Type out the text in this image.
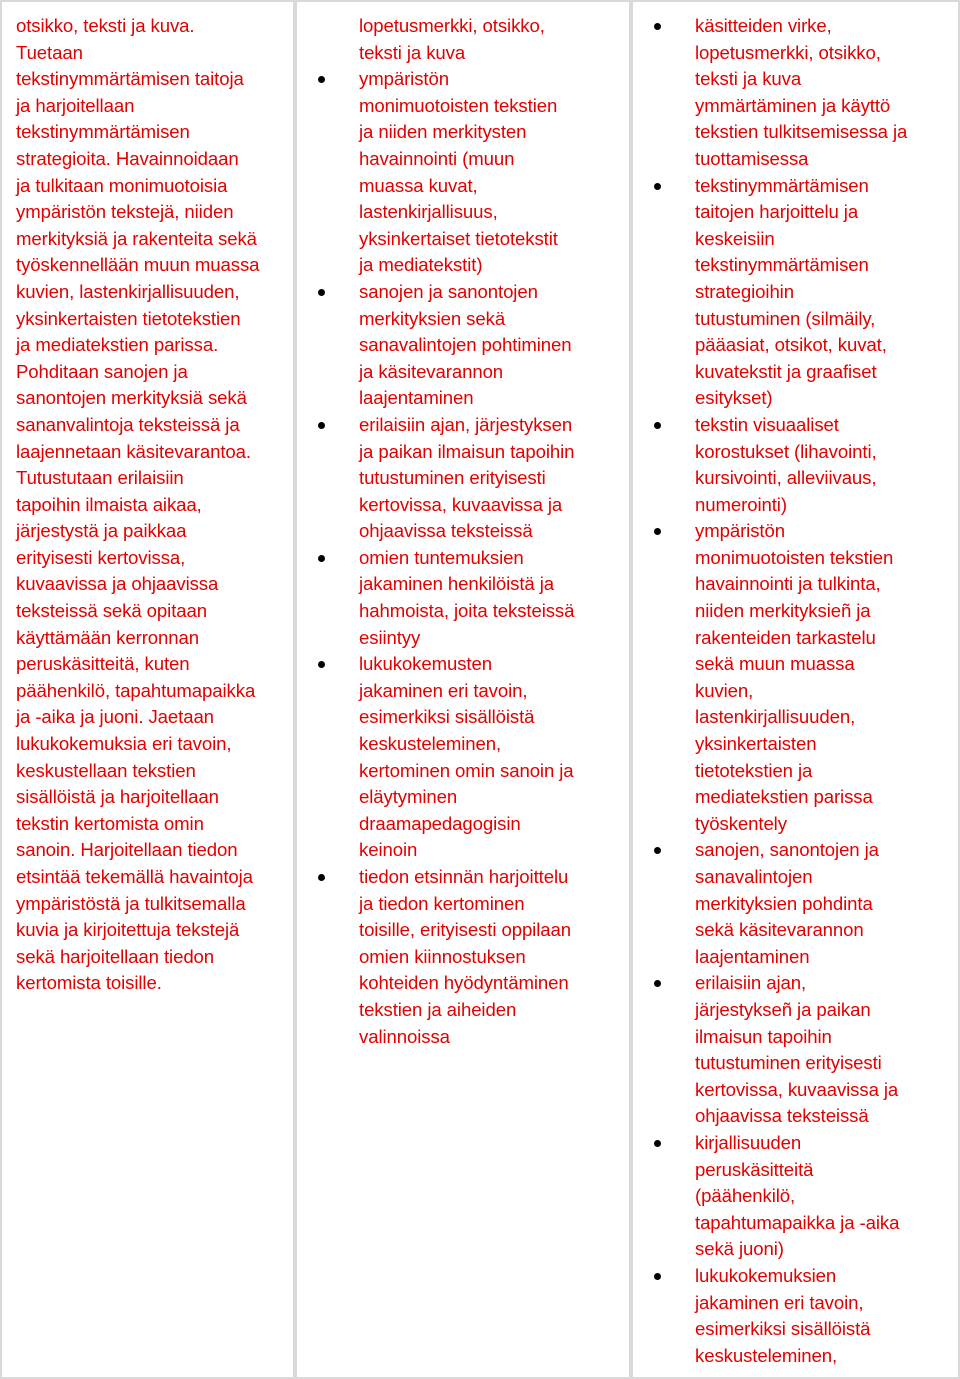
otsikko, teksti ja kuva.
Tuetaan
tekstinymmärtämisen taitoja
ja harjoitellaan
tekstinymmärtämisen
strategioita. Havainnoidaan
ja tulkitaan monimuotoisia
ympäristön tekstejä, niiden
merkityksiä ja rakenteita sekä
työskennellään muun muassa
kuvien, lastenkirjallisuuden,
yksinkertaisten tietotekstien
ja mediatekstien parissa.
Pohditaan sanojen ja
sanontojen merkityksiä sekä
sananvalintoja teksteissä ja
laajennetaan käsitevarantoa.
Tutustutaan erilaisiin
tapoihin ilmaista aikaa,
järjestystä ja paikkaa
erityisesti kertovissa,
kuvaavissa ja ohjaavissa
teksteissä sekä opitaan
käyttämään kerronnan
peruskäsitteitä, kuten
päähenkilö, tapahtumapaikka
ja -aika ja juoni. Jaetaan
lukukokemuksia eri tavoin,
keskustellaan tekstien
sisällöistä ja harjoitellaan
tekstin kertomista omin
sanoin. Harjoitellaan tiedon
etsintää tekemällä havaintoja
ympäristöstä ja tulkitsemalla
kuvia ja kirjoitettuja tekstejä
sekä harjoitellaan tiedon
kertomista toisille.

lopetusmerkki, otsikko,
teksti ja kuva

ympäristön
monimuotoisten tekstien
ja niiden merkitysten
havainnointi (muun
muassa kuvat,
lastenkirjallisuus,
yksinkertaiset tietotekstit
ja mediatekstit)
sanojen ja sanontojen
merkityksien sekä
sanavalintojen pohtiminen
ja käsitevarannon
laajentaminen
erilaisiin ajan, järjestyksen
ja paikan ilmaisun tapoihin
tutustuminen erityisesti
kertovissa, kuvaavissa ja
ohjaavissa teksteissä
omien tuntemuksien
jakaminen henkilöistä ja
hahmoista, joita teksteissä
esiintyy
lukukokemusten
jakaminen eri tavoin,
esimerkiksi sisällöistä
keskusteleminen,
kertominen omin sanoin ja
eläytyminen
draamapedagogisin
keinoin
tiedon etsinnän harjoittelu
ja tiedon kertominen
toisille, erityisesti oppilaan
omien kiinnostuksen
kohteiden hyödyntäminen
tekstien ja aiheiden
valinnoissa
käsitteiden virke,
lopetusmerkki, otsikko,
teksti ja kuva
ymmärtäminen ja käyttö
tekstien tulkitsemisessa ja
tuottamisessa
tekstinymmärtämisen
taitojen harjoittelu ja
keskeisiin
tekstinymmärtämisen
strategioihin
tutustuminen (silmäily,
pääasiat, otsikot, kuvat,
kuvatekstit ja graafiset
esitykset)
tekstin visuaaliset
korostukset (lihavointi,
kursivointi, alleviivaus,
numerointi)
ympäristön
monimuotoisten tekstien
havainnointi ja tulkinta,
niiden merkityksieñ ja
rakenteiden tarkastelu
sekä muun muassa
kuvien,
lastenkirjallisuuden,
yksinkertaisten
tietotekstien ja
mediatekstien parissa
työskentely
sanojen, sanontojen ja
sanavalintojen
merkityksien pohdinta
sekä käsitevarannon
laajentaminen
erilaisiin ajan,
järjestykseñ ja paikan
ilmaisun tapoihin
tutustuminen erityisesti
kertovissa, kuvaavissa ja
ohjaavissa teksteissä
kirjallisuuden
peruskäsitteitä
(päähenkilö,
tapahtumapaikka ja -aika
sekä juoni)
lukukokemuksien
jakaminen eri tavoin,
esimerkiksi sisällöistä
keskusteleminen,
